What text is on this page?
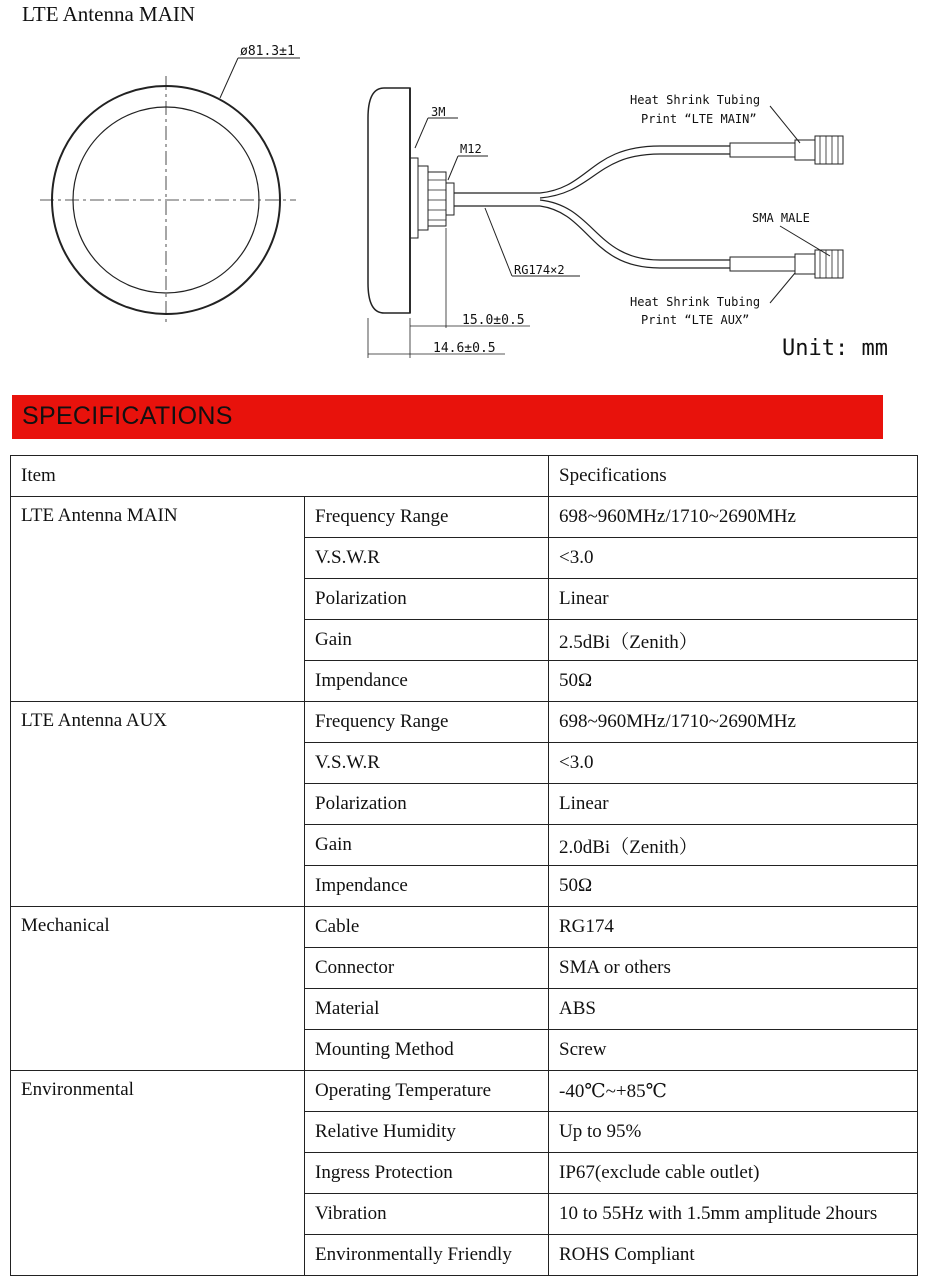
LTE Antenna MAIN
ø81.3±1
3M
M12
RG174×2
Heat Shrink Tubing
Print “LTE MAIN”
SMA MALE
Heat Shrink Tubing
Print “LTE AUX”
15.0±0.5
14.6±0.5	Unit: mm
SPECIFICATIONS
Item		Specifications
LTE Antenna MAIN	Frequency Range	698~960MHz/1710~2690MHz
	V.S.W.R	<3.0
	Polarization	Linear
	Gain	2.5dBi（Zenith）
	Impendance	50Ω
LTE Antenna AUX	Frequency Range	698~960MHz/1710~2690MHz
	V.S.W.R	<3.0
	Polarization	Linear
	Gain	2.0dBi（Zenith）
	Impendance	50Ω
Mechanical	Cable	RG174
	Connector	SMA or others
	Material	ABS
	Mounting Method	Screw
Environmental	Operating Temperature	-40℃~+85℃
	Relative Humidity	Up to 95%
	Ingress Protection	IP67(exclude cable outlet)
	Vibration	10 to 55Hz with 1.5mm amplitude 2hours
	Environmentally Friendly	ROHS Compliant
